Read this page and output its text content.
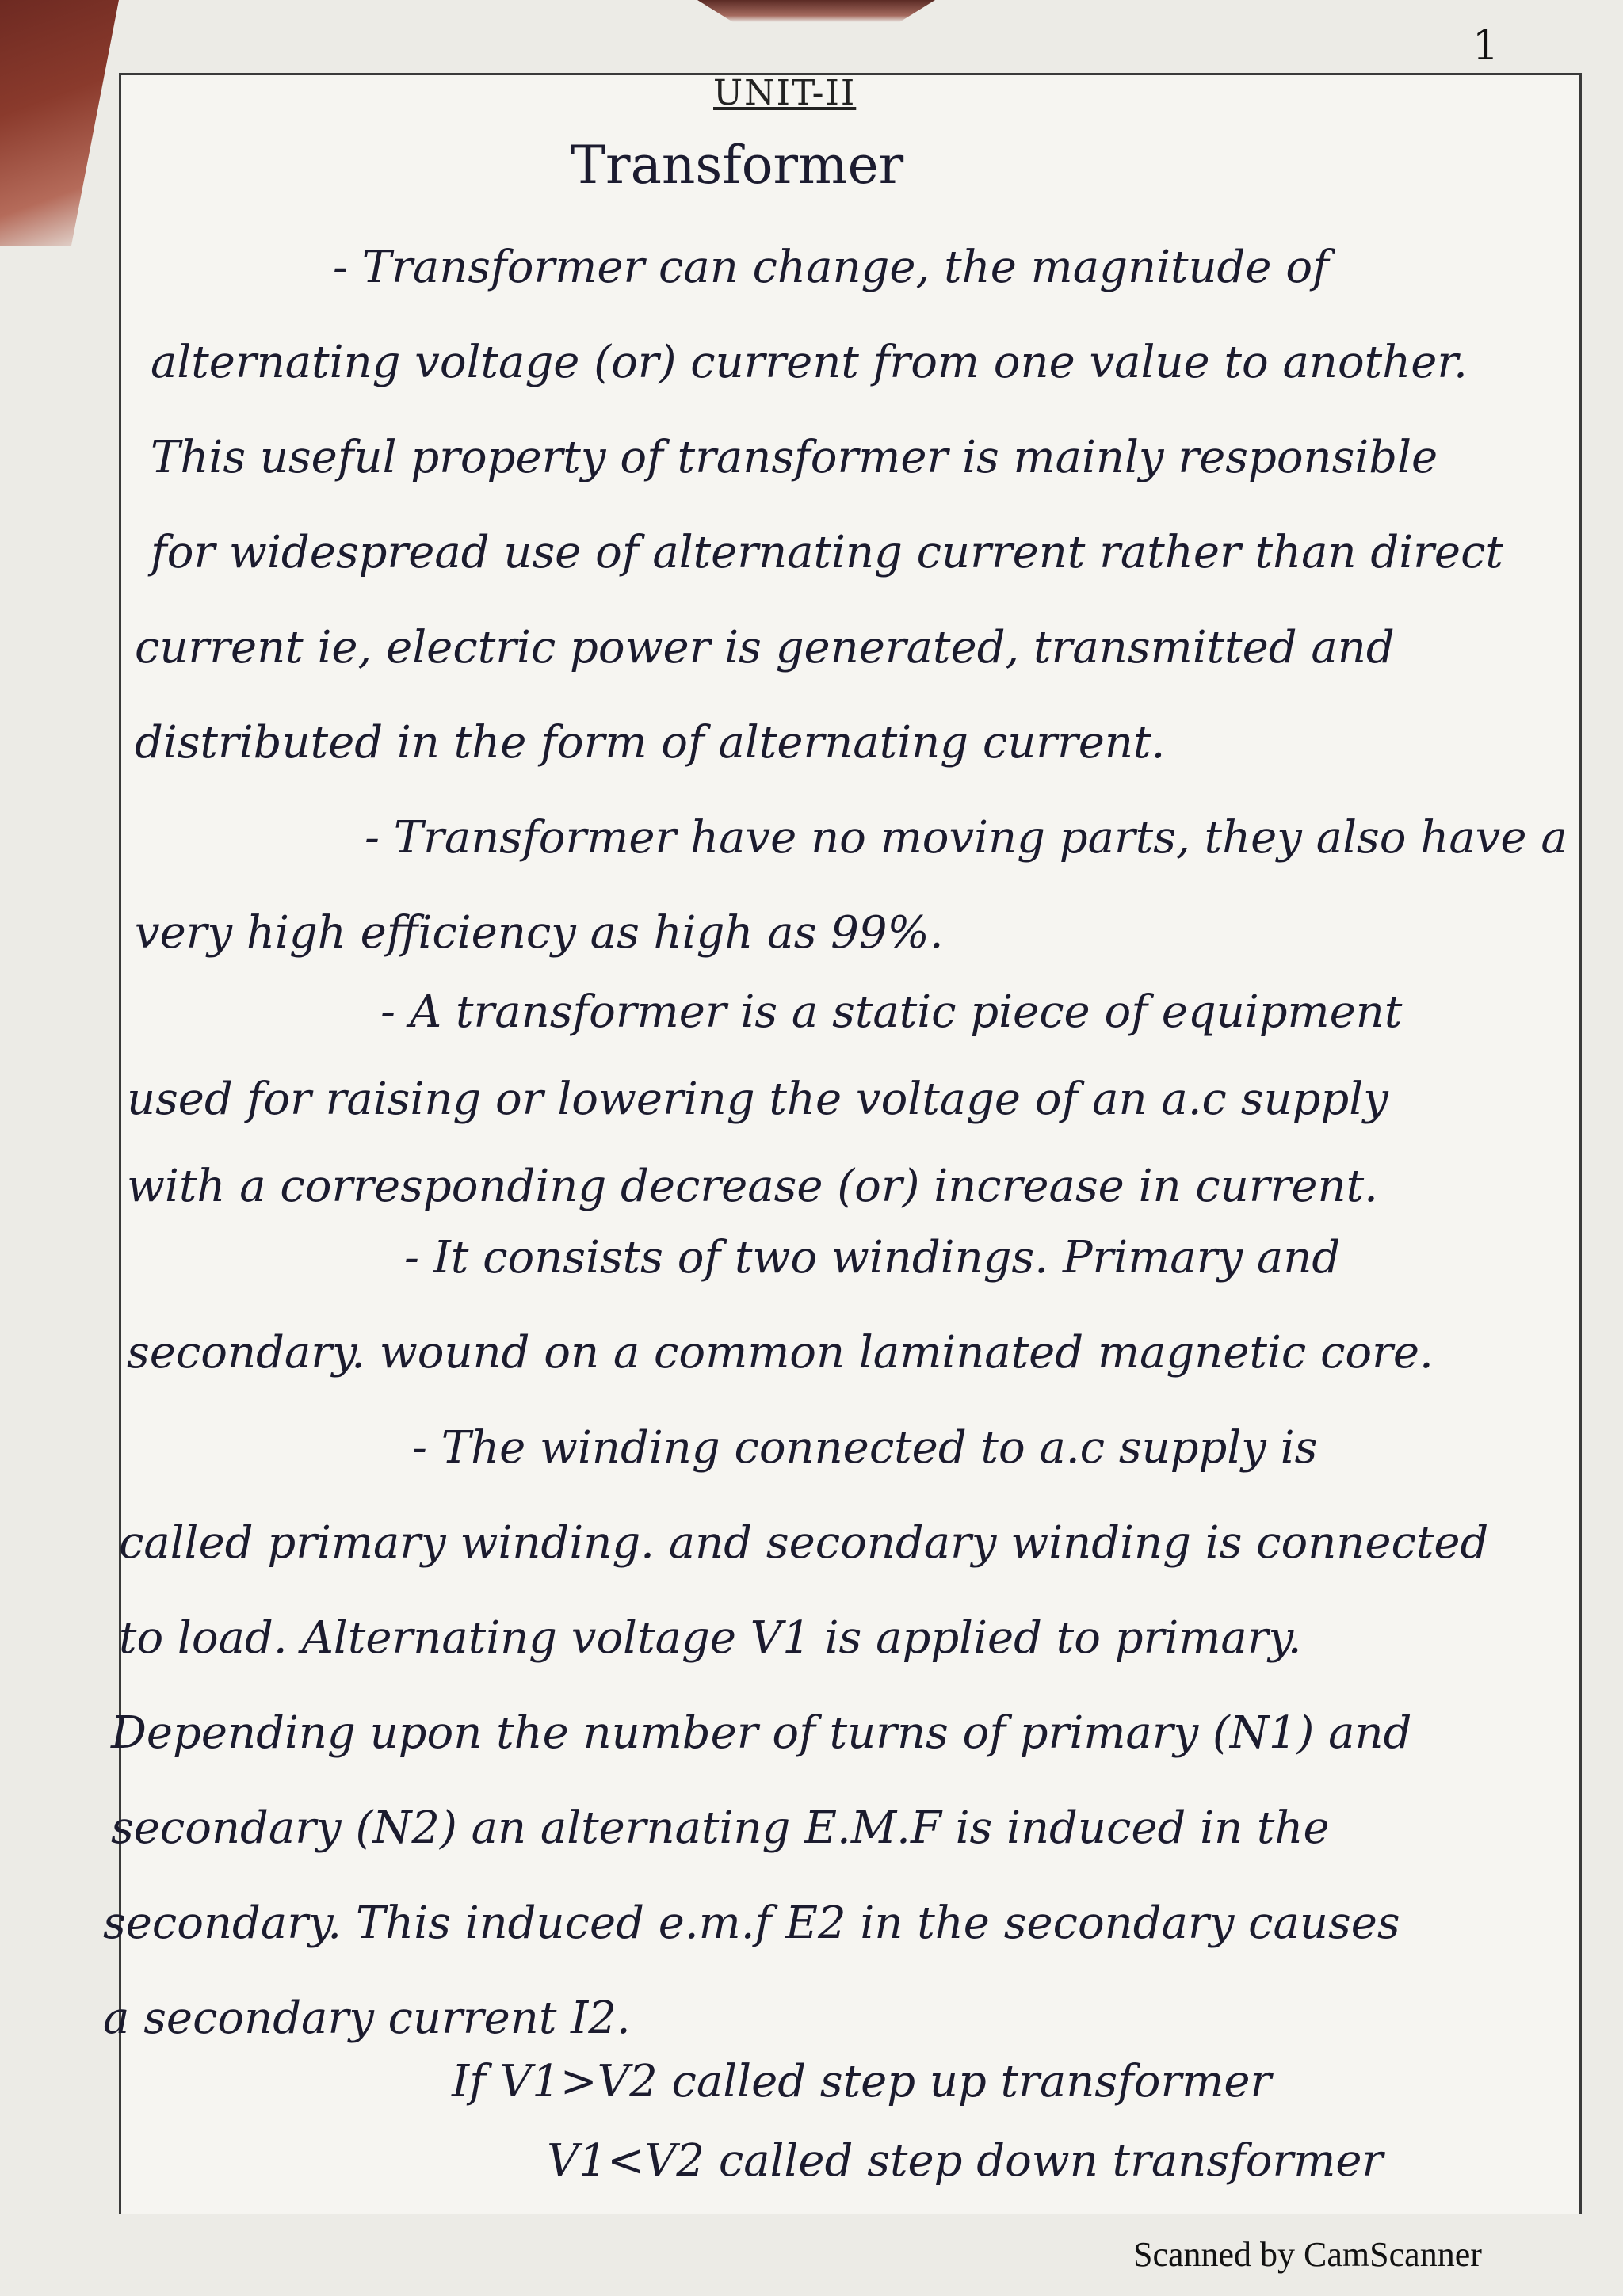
1
UNIT-II
Transformer
- Transformer can change, the magnitude of
alternating voltage (or) current from one value to another.
This useful property of transformer is mainly responsible
for widespread use of alternating current rather than direct
current ie, electric power is generated, transmitted and
distributed in the form of alternating current.
- Transformer have no moving parts, they also have a
very high efficiency as high as 99%.
- A transformer is a static piece of equipment
used for raising or lowering the voltage of an a.c supply
with a corresponding decrease (or) increase in current.
- It consists of two windings. Primary and
secondary. wound on a common laminated magnetic core.
- The winding connected to a.c supply is
called primary winding. and secondary winding is connected
to load. Alternating voltage V1 is applied to primary.
Depending upon the number of turns of primary (N1) and
secondary (N2) an alternating E.M.F is induced in the
secondary. This induced e.m.f E2 in the secondary causes
a secondary current I2.
If V1>V2 called step up transformer
V1<V2 called step down transformer
Scanned by CamScanner
